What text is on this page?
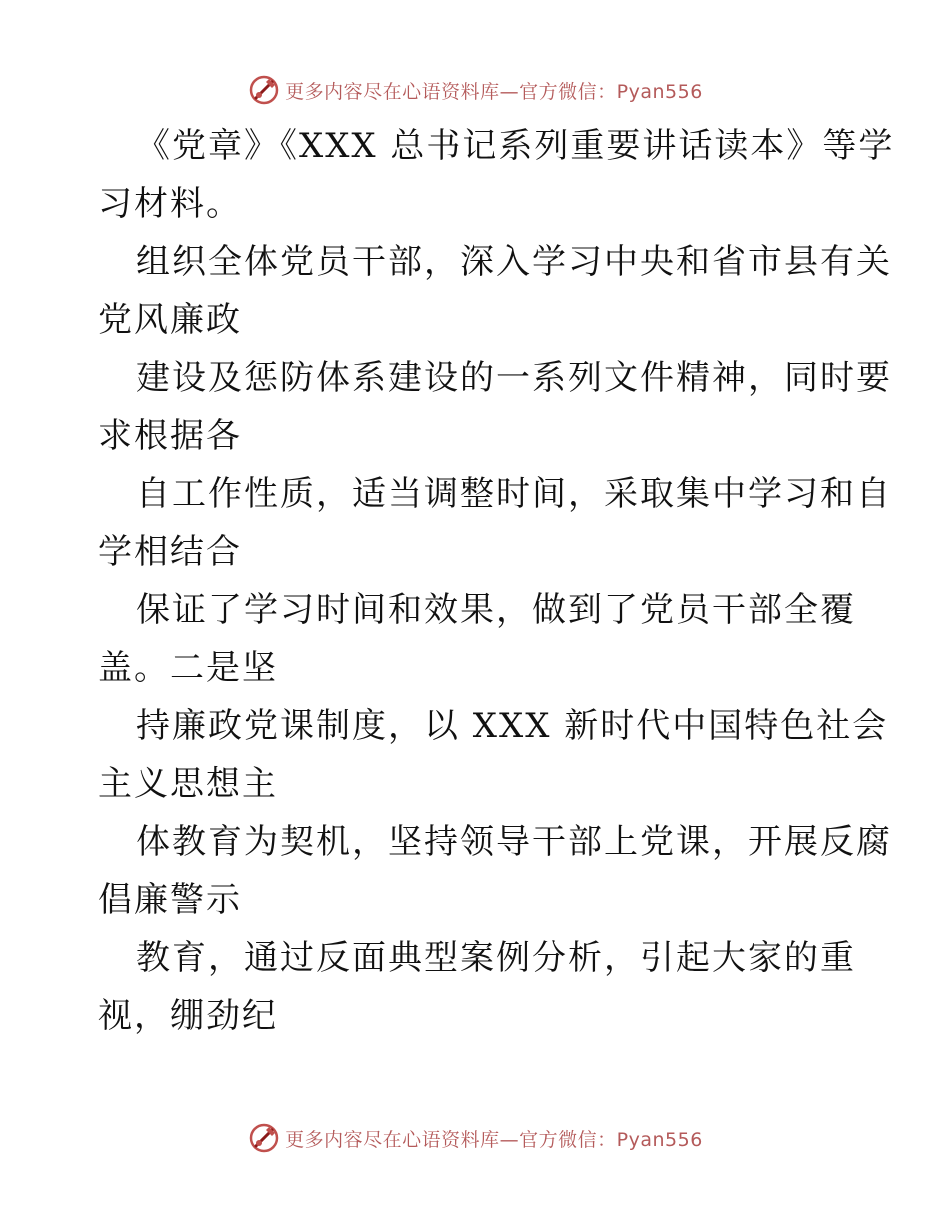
更多内容尽在心语资料库—官方微信：Pyan556
《党章》《XXX 总书记系列重要讲话读本》等学
习材料。
组织全体党员干部，深入学习中央和省市县有关
党风廉政
建设及惩防体系建设的一系列文件精神，同时要
求根据各
自工作性质，适当调整时间，采取集中学习和自
学相结合
保证了学习时间和效果，做到了党员干部全覆
盖。二是坚
持廉政党课制度，以 XXX 新时代中国特色社会
主义思想主
体教育为契机，坚持领导干部上党课，开展反腐
倡廉警示
教育，通过反面典型案例分析，引起大家的重
视，绷劲纪
更多内容尽在心语资料库—官方微信：Pyan556
